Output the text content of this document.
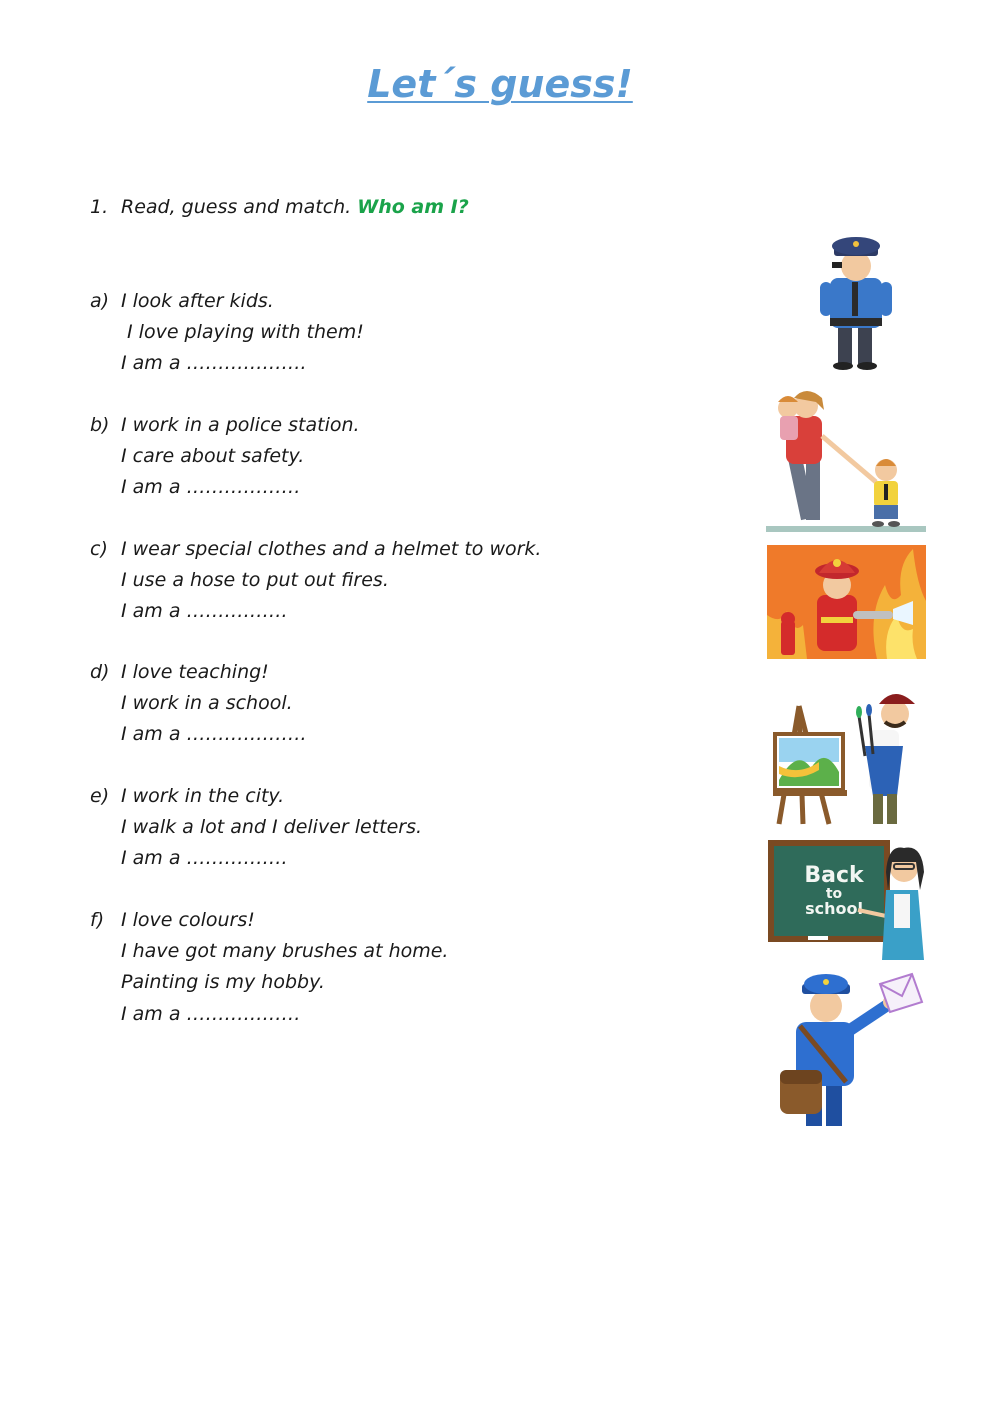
Let´s guess!
1. Read, guess and match. Who am I?
a) I look after kids.
I love playing with them!
I am a ……………….
b) I work in a police station.
I care about safety.
I am a ………………
c) I wear special clothes and a helmet to work.
I use a hose to put out fires.
I am a …………….
d) I love teaching!
I work in a school.
I am a ……………….
e) I work in the city.
I walk a lot and I deliver letters.
I am a …………….
f) I love colours!
I have got many brushes at home.
Painting is my hobby.
I am a ………………
Back
to
school
